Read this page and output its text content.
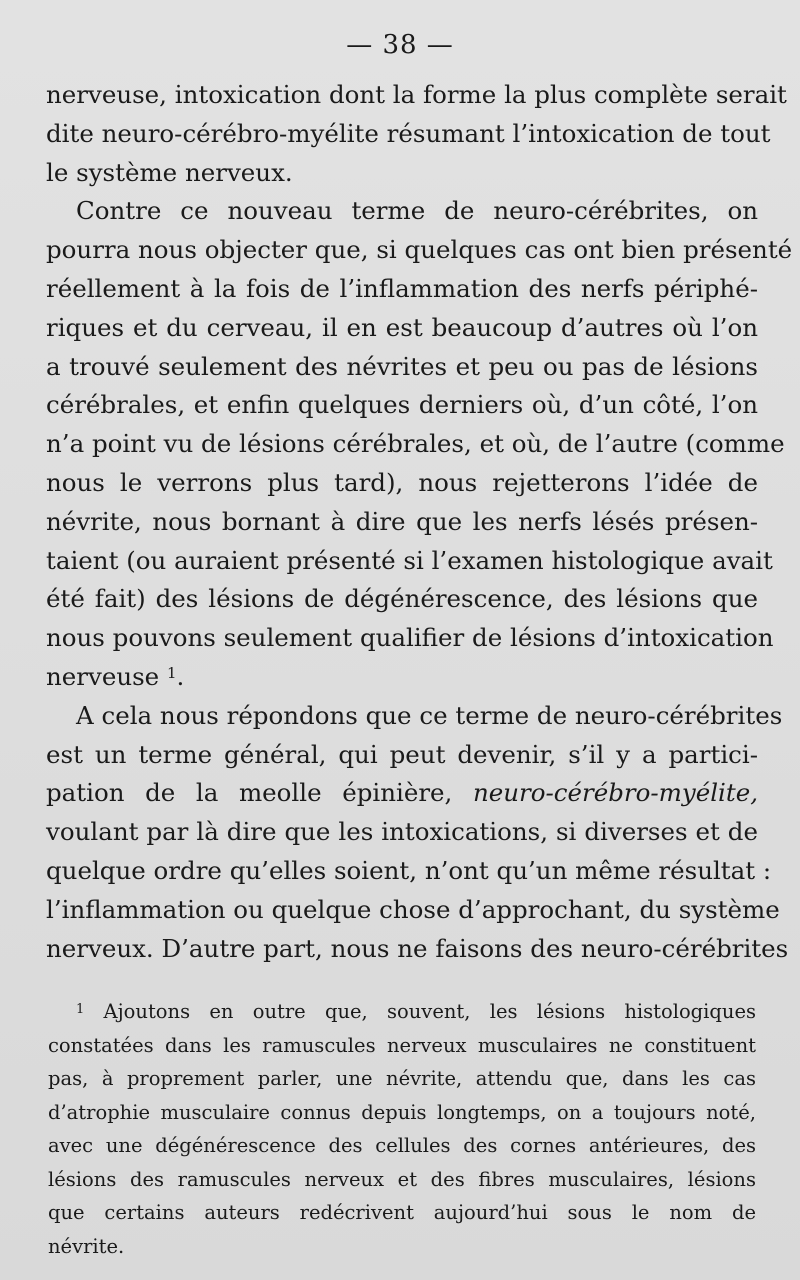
— 38 —
nerveuse, intoxication dont la forme la plus complète serait
dite neuro-cérébro-myélite résumant l’intoxication de tout
le système nerveux.
Contre ce nouveau terme de neuro-cérébrites, on
pourra nous objecter que, si quelques cas ont bien présenté
réellement à la fois de l’inflammation des nerfs périphé-
riques et du cerveau, il en est beaucoup d’autres où l’on
a trouvé seulement des névrites et peu ou pas de lésions
cérébrales, et enfin quelques derniers où, d’un côté, l’on
n’a point vu de lésions cérébrales, et où, de l’autre (comme
nous le verrons plus tard), nous rejetterons l’idée de
névrite, nous bornant à dire que les nerfs lésés présen-
taient (ou auraient présenté si l’examen histologique avait
été fait) des lésions de dégénérescence, des lésions que
nous pouvons seulement qualifier de lésions d’intoxication
nerveuse $^1$.
A cela nous répondons que ce terme de neuro-cérébrites
est un terme général, qui peut devenir, s’il y a partici-
pation de la meolle épinière, neuro-cérébro-myélite,
voulant par là dire que les intoxications, si diverses et de
quelque ordre qu’elles soient, n’ont qu’un même résultat :
l’inflammation ou quelque chose d’approchant, du système
nerveux. D’autre part, nous ne faisons des neuro-cérébrites
$^1$ Ajoutons en outre que, souvent, les lésions histologiques
constatées dans les ramuscules nerveux musculaires ne constituent
pas, à proprement parler, une névrite, attendu que, dans les cas
d’atrophie musculaire connus depuis longtemps, on a toujours noté,
avec une dégénérescence des cellules des cornes antérieures, des
lésions des ramuscules nerveux et des fibres musculaires, lésions
que certains auteurs redécrivent aujourd’hui sous le nom de
névrite.
